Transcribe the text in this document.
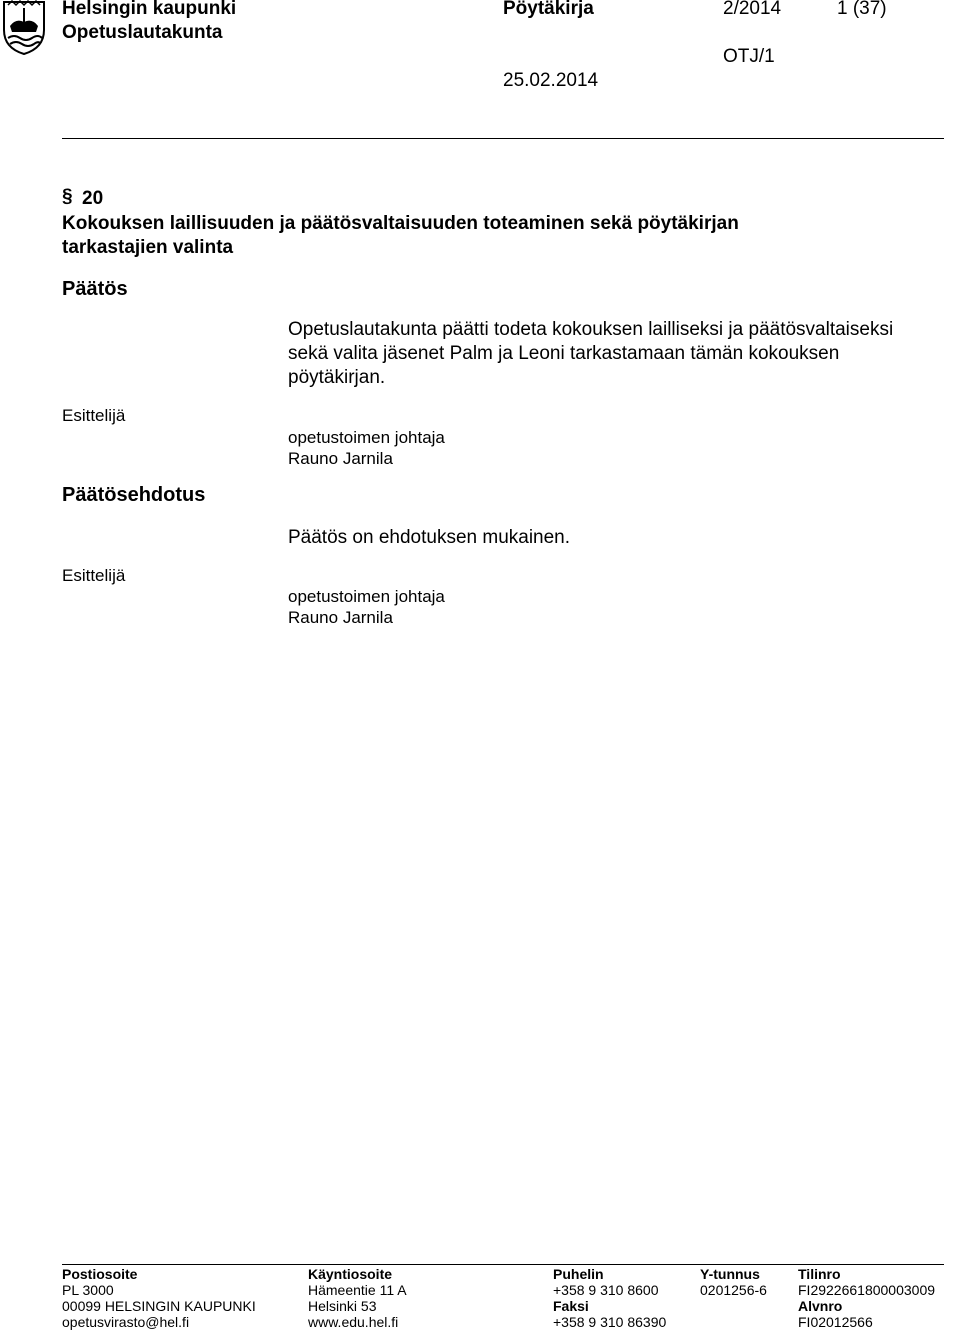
Helsingin kaupunki
Opetuslautakunta
Pöytäkirja	2/2014	1 (37)
OTJ/1
25.02.2014
§ 20
Kokouksen laillisuuden ja päätösvaltaisuuden toteaminen sekä pöytäkirjan tarkastajien valinta
Päätös
Opetuslautakunta päätti todeta kokouksen lailliseksi ja päätösvaltaiseksi sekä valita jäsenet Palm ja Leoni tarkastamaan tämän kokouksen pöytäkirjan.
Esittelijä
opetustoimen johtaja
Rauno Jarnila
Päätösehdotus
Päätös on ehdotuksen mukainen.
Esittelijä
opetustoimen johtaja
Rauno Jarnila
Postiosoite
PL 3000
00099 HELSINGIN KAUPUNKI
opetusvirasto@hel.fi
Käyntiosoite
Hämeentie 11 A
Helsinki 53
www.edu.hel.fi
Puhelin
+358 9 310 8600
Faksi
+358 9 310 86390
Y-tunnus
0201256-6
Tilinro
FI2922661800003009
Alvnro
FI02012566
